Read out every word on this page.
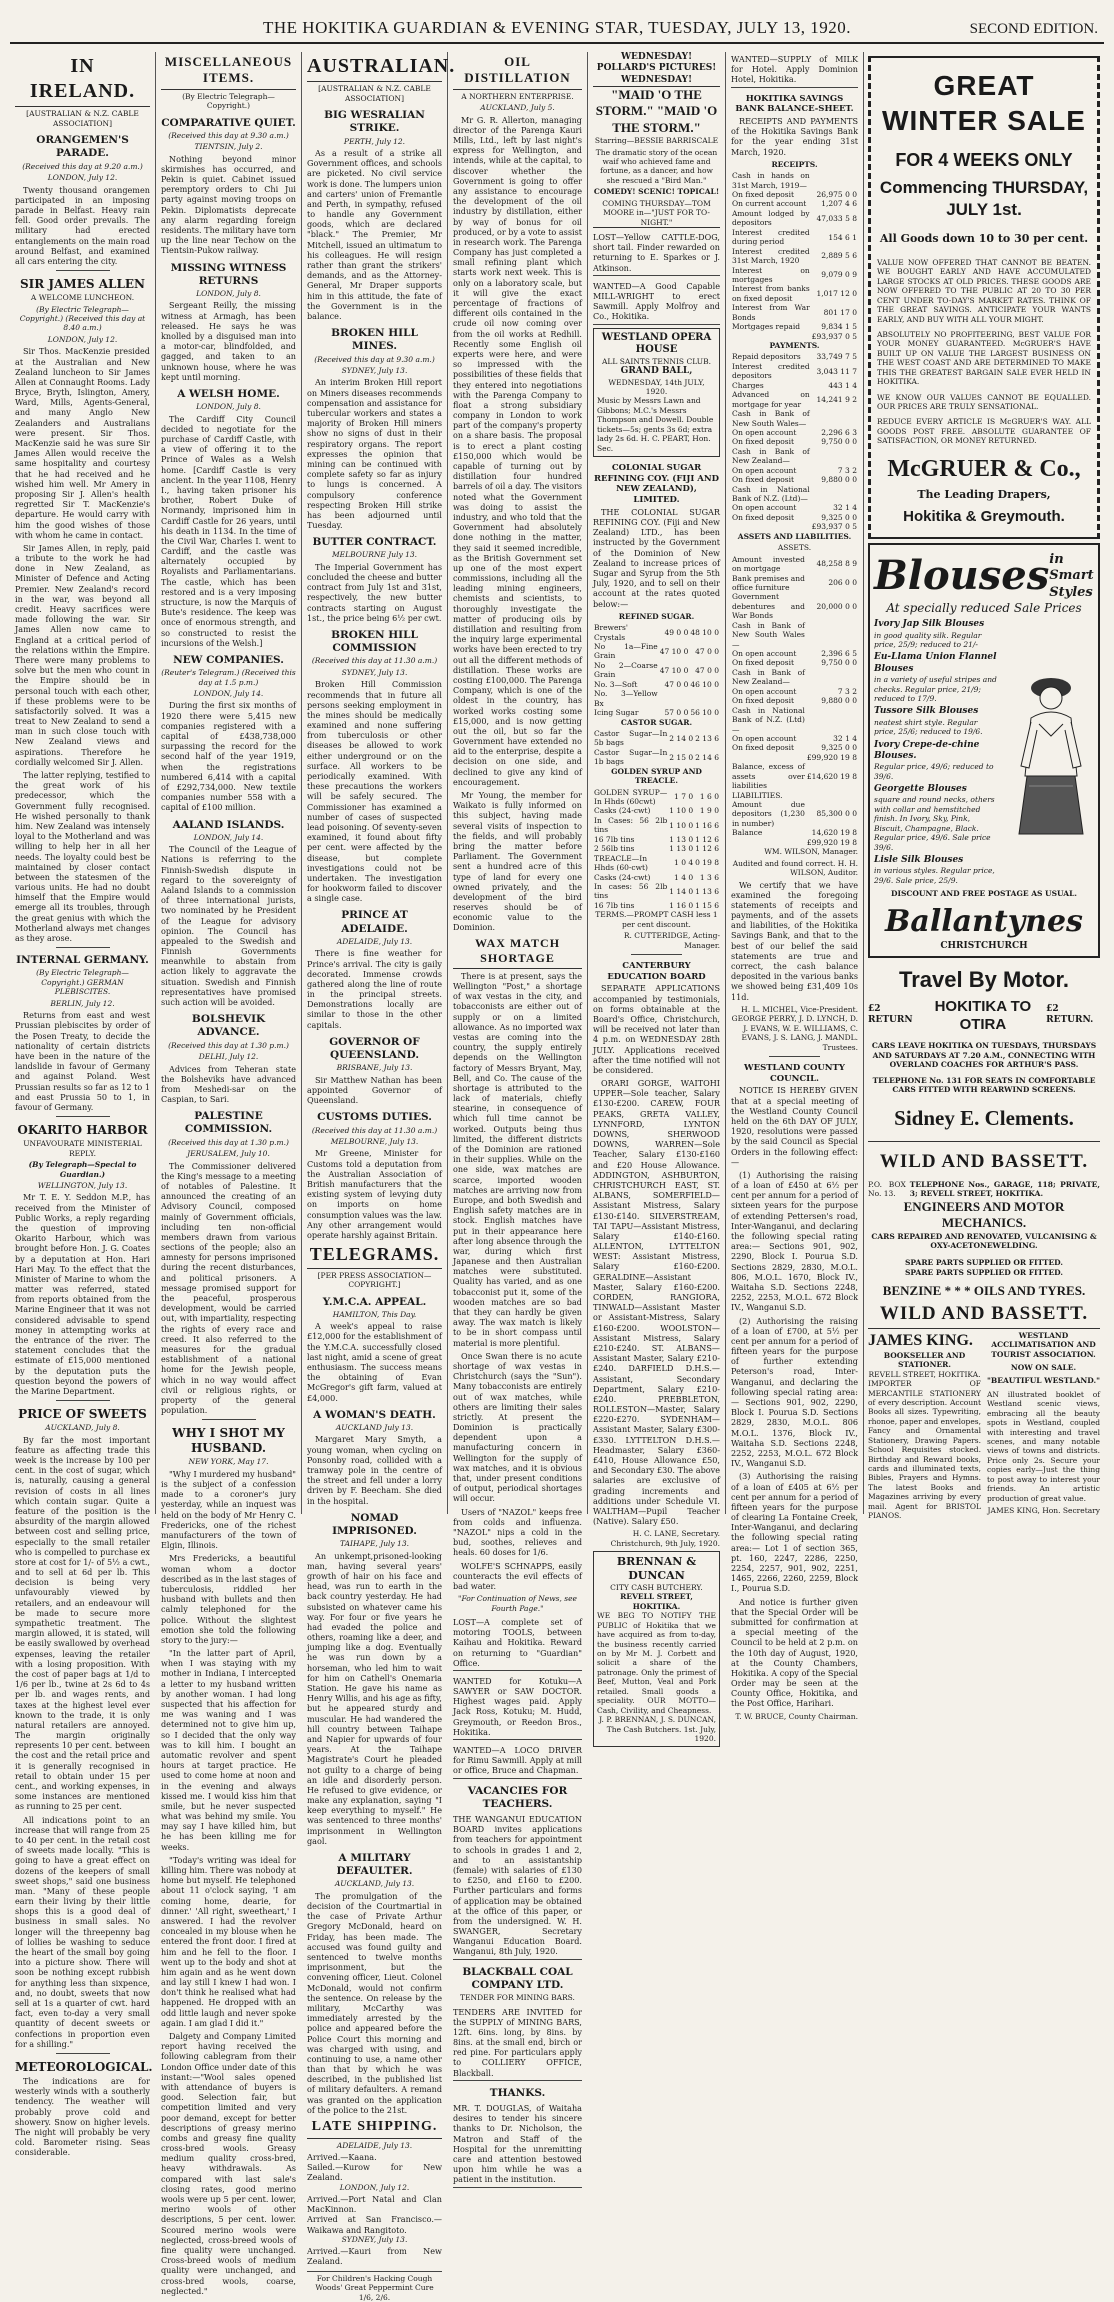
THE HOKITIKA GUARDIAN & EVENING STAR, TUESDAY, JULY 13, 1920.	SECOND EDITION.
IN IRELAND.
[AUSTRALIAN & N.Z. CABLE ASSOCIATION]
ORANGEMEN'S PARADE.
(Received this day at 9.20 a.m.)
LONDON, July 12.

Twenty thousand orangemen participated in an imposing parade in Belfast. Heavy rain fell. Good order prevails. The military had erected entanglements on the main road around Belfast, and examined all cars entering the city.

SIR JAMES ALLEN
A WELCOME LUNCHEON.
(By Electric Telegraph—Copyright.) (Received this day at 8.40 a.m.)
LONDON, July 12.

Sir Thos. MacKenzie presided at the Australian and New Zealand luncheon to Sir James Allen at Connaught Rooms. Lady Bryce, Bryth, Islington, Amery, Ward, Mills, Agents-General, and many Anglo New Zealanders and Australians were present. Sir Thos. MacKenzie said he was sure Sir James Allen would receive the same hospitality and courtesy that he had received and he wished him well. Mr Amery in proposing Sir J. Allen's health regretted Sir T. MacKenzie's departure. He would carry with him the good wishes of those with whom he came in contact.

Sir James Allen, in reply, paid a tribute to the work he had done in New Zealand, as Minister of Defence and Acting Premier. New Zealand's record in the war, was beyond all credit. Heavy sacrifices were made following the war. Sir James Allen now came to England at a critical period of the relations within the Empire. There were many problems to solve but the men who count in the Empire should be in personal touch with each other, if these problems were to be satisfactorily solved. It was a treat to New Zealand to send a man in such close touch with New Zealand views and aspirations. Therefore he cordially welcomed Sir J. Allen.

The latter replying, testified to the great work of his predecessor, which the Government fully recognised. He wished personally to thank him. New Zealand was intensely loyal to the Motherland and was willing to help her in all her needs. The loyalty could best be maintained by closer contact between the statesmen of the various units. He had no doubt himself that the Empire would emerge all its troubles, through the great genius with which the Motherland always met changes as they arose.

INTERNAL GERMANY.
(By Electric Telegraph—Copyright.) GERMAN PLEBISCITES.
BERLIN, July 12.

Returns from east and west Prussian plebiscites by order of the Posen Treaty, to decide the nationality of certain districts have been in the nature of the landslide in favour of Germany and against Poland. West Prussian results so far as 12 to 1 and east Prussia 50 to 1, in favour of Germany.

OKARITO HARBOR
UNFAVOURATE MINISTERIAL REPLY.
(By Telegraph—Special to Guardian.)
WELLINGTON, July 13.

Mr T. E. Y. Seddon M.P., has received from the Minister of Public Works, a reply regarding the question of improving Okarito Harbour, which was brought before Hon. J. G. Coates by a deputation at Hon. Hari Hari May. To the effect that the Minister of Marine to whom the matter was referred, stated from reports obtained from the Marine Engineer that it was not considered advisable to spend money in attempting works at the entrance of the river. The statement concludes that the estimate of £15,000 mentioned by the deputation puts the question beyond the powers of the Marine Department.

PRICE OF SWEETS
AUCKLAND, July 8.

By far the most important feature as affecting trade this week is the increase by 100 per cent. in the cost of sugar, which is, naturally, causing a general revision of costs in all lines which contain sugar. Quite a feature of the position is the absurdity of the margin allowed between cost and selling price, especially to the small retailer who is compelled to purchase ex store at cost for 1/- of 5½ a cwt., and to sell at 6d per lb. This decision is being very unfavourably viewed by retailers, and an endeavour will be made to secure more sympathetic treatment. The margin allowed, it is stated, will be easily swallowed by overhead expenses, leaving the retailer with a losing proposition. With the cost of paper bags at 1/d to 1/6 per lb., twine at 2s 6d to 4s per lb. and wages rents, and taxes at the highest level ever known to the trade, it is only natural retailers are annoyed. The margin originally represents 10 per cent. between the cost and the retail price and it is generally recognised in retail to obtain under 15 per cent., and working expenses, in some instances are mentioned as running to 25 per cent.

All indications point to an increase that will range from 25 to 40 per cent. in the retail cost of sweets made locally. "This is going to have a great effect on dozens of the keepers of small sweet shops," said one business man. "Many of these people earn their living by their little shops this is a good deal of business in small sales. No longer will the threepenny bag of lollies be washing to seduce the heart of the small boy going into a picture show. There will soon be nothing except rubbish for anything less than sixpence, and, no doubt, sweets that now sell at 1s a quarter of cwt. hard fact, even to-day a very small quantity of decent sweets or confections in proportion even for a shilling."

METEOROLOGICAL.

The indications are for westerly winds with a southerly tendency. The weather will probably prove cold and showery. Snow on higher levels. The night will probably be very cold. Barometer rising. Seas considerable.

MISCELLANEOUS ITEMS.
(By Electric Telegraph—Copyright.)
COMPARATIVE QUIET.
(Received this day at 9.30 a.m.)
TIENTSIN, July 2.

Nothing beyond minor skirmishes has occurred, and Pekin is quiet. Cabinet issued peremptory orders to Chi Jui party against moving troops on Pekin. Diplomatists deprecate any alarm regarding foreign residents. The military have torn up the line near Techow on the Tientsin-Pukow railway.

MISSING WITNESS RETURNS
LONDON, July 8.

Sergeant Reilly, the missing witness at Armagh, has been released. He says he was knolled by a disguised man into a motor-car, blindfolded, and gagged, and taken to an unknown house, where he was kept until morning.

A WELSH HOME.
LONDON, July 8.

The Cardiff City Council decided to negotiate for the purchase of Cardiff Castle, with a view of offering it to the Prince of Wales as a Welsh home. [Cardiff Castle is very ancient. In the year 1108, Henry I., having taken prisoner his brother, Robert Duke of Normandy, imprisoned him in Cardiff Castle for 26 years, until his death in 1134. In the time of the Civil War, Charles I. went to Cardiff, and the castle was alternately occupied by Royalists and Parliamentarians. The castle, which has been restored and is a very imposing structure, is now the Marquis of Bute's residence. The keep was once of enormous strength, and so constructed to resist the incursions of the Welsh.]

NEW COMPANIES.
(Reuter's Telegram.) (Received this day at 1.5 p.m.)
LONDON, July 14.

During the first six months of 1920 there were 5,415 new companies registered with a capital of £438,738,000 surpassing the record for the second half of the year 1919, when the registrations numbered 6,414 with a capital of £292,734,000. New textile companies number 558 with a capital of £100 million.

AALAND ISLANDS.
LONDON, July 14.

The Council of the League of Nations is referring to the Finnish-Swedish dispute in regard to the sovereignty of Aaland Islands to a commission of three international jurists, two nominated by he President of the League for advisory opinion. The Council has appealed to the Swedish and Finnish Governments meanwhile to abstain from action likely to aggravate the situation. Swedish and Finnish representatives have promised such action will be avoided.

BOLSHEVIK ADVANCE.
(Received this day at 1.30 p.m.)
DELHI, July 12.

Advices from Teheran state the Bolsheviks have advanced from Meshedi-sar on the Caspian, to Sari.

PALESTINE COMMISSION.
(Received this day at 1.30 p.m.)
JERUSALEM, July 10.

The Commissioner delivered the King's message to a meeting of notables of Palestine. It announced the creating of an Advisory Council, composed mainly of Government officials, including ten non-official members drawn from various sections of the people; also an amnesty for persons imprisoned during the recent disturbances, and political prisoners. A message promised support for the peaceful, prosperous development, would be carried out, with impartiality, respecting the rights of every race and creed. It also referred to the measures for the gradual establishment of a national home for the Jewish people, which in no way would affect civil or religious rights, or property of the general population.

WHY I SHOT MY HUSBAND.
NEW YORK, May 17.

"Why I murdered my husband" is the subject of a confession made to a coroner's jury yesterday, while an inquest was held on the body of Mr Henry C. Fredericks, one of the richest manufacturers of the town of Elgin, Illinois.

Mrs Fredericks, a beautiful woman whom a doctor described as in the last stages of tuberculosis, riddled her husband with bullets and then calmly telephoned for the police. Without the slightest emotion she told the following story to the jury:—

"In the latter part of April, when I was staying with my mother in Indiana, I intercepted a letter to my husband written by another woman. I had long suspected that his affection for me was waning and I was determined not to give him up, so I decided that the only way was to kill him. I bought an automatic revolver and spent hours at target practice. He used to come home at noon and in the evening and always kissed me. I would kiss him that smile, but he never suspected what was behind my smile. You may say I have killed him, but he has been killing me for weeks.

"Today's writing was ideal for killing him. There was nobody at home but myself. He telephoned about 11 o'clock saying, 'I am coming home, dearie, for dinner.' 'All right, sweetheart,' I answered. I had the revolver concealed in my blouse when he entered the front door. I fired at him and he fell to the floor. I went up to the body and shot at him again and as he went down and lay still I knew I had won. I don't think he realised what had happened. He dropped with an odd little laugh and never spoke again. I am glad I did it."

Dalgety and Company Limited report having received the following cablegram from their London Office under date of this instant:—"Wool sales opened with attendance of buyers is good. Selection fair, but competition limited and very poor demand, except for better descriptions of greasy merino combs and greasy fine quality cross-bred wools. Greasy medium quality cross-bred, heavy withdrawals. As compared with last sale's closing rates, good merino wools were up 5 per cent. lower, merino wools of other descriptions, 5 per cent. lower. Scoured merino wools were neglected, cross-breed wools of fine quality were unchanged. Cross-breed wools of medium quality were unchanged, and cross-bred wools, coarse, neglected."

AUSTRALIAN.
[AUSTRALIAN & N.Z. CABLE ASSOCIATION]
BIG WESRALIAN STRIKE.
PERTH, July 12.

As a result of a strike all Government offices, and schools are picketed. No civil service work is done. The lumpers union and carters' union of Fremantle and Perth, in sympathy, refused to handle any Government goods, which are declared "black." The Premier, Mr Mitchell, issued an ultimatum to his colleagues. He will resign rather than grant the strikers' demands, and as the Attorney-General, Mr Draper supports him in this attitude, the fate of the Government is in the balance.

BROKEN HILL MINES.
(Received this day at 9.30 a.m.)
SYDNEY, July 13.

An interim Broken Hill report on Miners diseases recommends compensation and assistance for tubercular workers and states a majority of Broken Hill miners show no signs of dust in their respiratory organs. The report expresses the opinion that mining can be continued with complete safety so far as injury to lungs is concerned. A compulsory conference respecting Broken Hill strike has been adjourned until Tuesday.

BUTTER CONTRACT.
MELBOURNE July 13.

The Imperial Government has concluded the cheese and butter contract from July 1st and 31st, respectively, the new butter contracts starting on August 1st., the price being 6½ per cwt.

BROKEN HILL COMMISSION
(Received this day at 11.30 a.m.)
SYDNEY, July 13.

Broken Hill Commission recommends that in future all persons seeking employment in the mines should be medically examined and none suffering from tuberculosis or other diseases be allowed to work either underground or on the surface. All workers to be periodically examined. With these precautions the workers will be safely secured. The Commissioner has examined a number of cases of suspected lead poisoning. Of seventy-seven examined, it found about fifty per cent. were affected by the disease, but complete investigations could not be undertaken. The investigation for hookworm failed to discover a single case.

PRINCE AT ADELAIDE.
ADELAIDE, July 13.

There is fine weather for Prince's arrival. The city is gaily decorated. Immense crowds gathered along the line of route in the principal streets. Demonstrations locally are similar to those in the other capitals.

GOVERNOR OF QUEENSLAND.
BRISBANE, July 13.

Sir Matthew Nathan has been appointed Governor of Queensland.

CUSTOMS DUTIES.
(Received this day at 11.30 a.m.)
MELBOURNE, July 13.

Mr Greene, Minister for Customs told a deputation from the Australian Association of British manufacturers that the existing system of levying duty on imports on home consumption values was the law. Any other arrangement would operate harshly against Britain.

TELEGRAMS.
[PER PRESS ASSOCIATION—COPYRIGHT.]
Y.M.C.A. APPEAL.
HAMILTON, This Day.

A week's appeal to raise £12,000 for the establishment of the Y.M.C.A. successfully closed last night, amid a scene of great enthusiasm. The success means the obtaining of Evan McGregor's gift farm, valued at £4,000.

A WOMAN'S DEATH.
AUCKLAND July 13.

Margaret Mary Smyth, a young woman, when cycling on Ponsonby road, collided with a tramway pole in the centre of the street and fell under a lorry driven by F. Beecham. She died in the hospital.

NOMAD IMPRISONED.
TAIHAPE, July 13.

An unkempt,prisoned-looking man, having several years' growth of hair on his face and head, was run to earth in the back country yesterday. He had subsisted on whatever came his way. For four or five years he had evaded the police and others, roaming like a deer, and jumping like a dog. Eventually he was run down by a horseman, who led him to wait for him on Cathell's Onemaria Station. He gave his name as Henry Willis, and his age as fifty, but he appeared sturdy and muscular. He had wandered the hill country between Taihape and Napier for upwards of four years. At the Taihape Magistrate's Court he pleaded not guilty to a charge of being an idle and disorderly person. He refused to give evidence, or make any explanation, saying "I keep everything to myself." He was sentenced to three months' imprisonment in Wellington gaol.

A MILITARY DEFAULTER.
AUCKLAND, July 13.

The promulgation of the decision of the Courtmartial in the case of Private Arthur Gregory McDonald, heard on Friday, has been made. The accused was found guilty and sentenced to twelve months imprisonment, but the convening officer, Lieut. Colonel McDonald, would not confirm the sentence. On release by the military, McCarthy was immediately arrested by the police and appeared before the Police Court this morning and was charged with using, and continuing to use, a name other than that by which he was described, in the published list of military defaulters. A remand was granted on the application of the police to the 21st.

LATE SHIPPING.
ADELAIDE, July 13.
Arrived.—Kaana.
Sailed.—Kurow for New Zealand.
LONDON, July 12.
Arrived.—Port Natal and Clan MacKinnon.
Arrived at San Francisco.—Waikawa and Rangitoto.
SYDNEY, July 13.
Arrived.—Kauri from New Zealand.
For Children's Hacking Cough Woods' Great Peppermint Cure 1/6, 2/6.
OIL DISTILLATION
A NORTHERN ENTERPRISE.
AUCKLAND, July 5.

Mr G. R. Allerton, managing director of the Parenga Kauri Mills, Ltd., left by last night's express for Wellington, and intends, while at the capital, to discover whether the Government is going to offer any assistance to encourage the development of the oil industry by distillation, either by way of bonus for oil produced, or by a vote to assist in research work. The Parenga Company has just completed a small refining plant which starts work next week. This is only on a laboratory scale, but it will give the exact percentage of fractions of different oils contained in the crude oil now coming over from the oil works at Redhill. Recently some English oil experts were here, and were so impressed with the possibilities of these fields that they entered into negotiations with the Parenga Company to float a strong subsidiary company in London to work part of the company's property on a share basis. The proposal is to erect a plant costing £150,000 which would be capable of turning out by distillation four hundred barrels of oil a day. The visitors noted what the Government was doing to assist the industry, and who told that the Government had absolutely done nothing in the matter, they said it seemed incredible, as the British Government set up one of the most expert commissions, including all the leading mining engineers, chemists and scientists, to thoroughly investigate the matter of producing oils by distillation and resulting from the inquiry large experimental works have been erected to try out all the different methods of distillation. These works are costing £100,000. The Parenga Company, which is one of the oldest in the country, has worked works costing some £15,000, and is now getting out the oil, but so far the Government have extended no aid to the enterprise, despite a decision on one side, and declined to give any kind of encouragement.

Mr Young, the member for Waikato is fully informed on this subject, having made several visits of inspection to the fields, and will probably bring the matter before Parliament. The Government sent a hundred acre of this type of land for every one owned privately, and the development of the bird reserves should be of economic value to the Dominion.

WAX MATCH SHORTAGE

There is at present, says the Wellington "Post," a shortage of wax vestas in the city, and tobacconists are either out of supply or on a limited allowance. As no imported wax vestas are coming into the country, the supply entirely depends on the Wellington factory of Messrs Bryant, May, Bell, and Co. The cause of the shortage is attributed to the lack of materials, chiefly stearine, in consequence of which full time cannot be worked. Outputs being thus limited, the different districts of the Dominion are rationed in their supplies. While on the one side, wax matches are scarce, imported wooden matches are arriving now from Europe, and both Swedish and English safety matches are in stock. English matches have put in their appearance here after long absence through the war, during which first Japanese and then Australian matches were substituted. Quality has varied, and as one tobacconist put it, some of the wooden matches are so bad that they can hardly be given away. The wax match is likely to be in short compass until material is more plentiful.

Once Swan there is no acute shortage of wax vestas in Christchurch (says the "Sun"). Many tobacconists are entirely out of wax matches, while others are limiting their sales strictly. At present the Dominion is practically dependent upon a manufacturing concern in Wellington for the supply of wax matches, and it is obvious that, under present conditions of output, periodical shortages will occur.

Users of "NAZOL" keeps free from colds and influenza. "NAZOL" nips a cold in the bud, soothes, relieves and heals. 60 doses for 1/6.

WOLFE'S SCHNAPPS, easily counteracts the evil effects of bad water.

"For Continuation of News, see Fourth Page."
LOST—A complete set of motoring TOOLS, between Kaihau and Hokitika. Reward on returning to "Guardian" Office.
WANTED for Kotuku—A SAWYER or SAW DOCTOR. Highest wages paid. Apply Jack Ross, Kotuku; M. Hudd, Greymouth, or Reedon Bros., Hokitika.
WANTED—A LOCO DRIVER for Rimu Sawmill. Apply at mill or office, Bruce and Chapman.
VACANCIES FOR TEACHERS.
THE WANGANUI EDUCATION BOARD invites applications from teachers for appointment to schools in grades 1 and 2, and to an assistantship (female) with salaries of £130 to £250, and £160 to £200. Further particulars and forms of application may be obtained at the office of this paper, or from the undersigned. W. H. SWANGER, Secretary Wanganui Education Board. Wanganui, 8th July, 1920.
BLACKBALL COAL COMPANY LTD.
TENDER FOR MINING BARS.
TENDERS ARE INVITED for the SUPPLY of MINING BARS, 12ft. 6ins. long, by 8ins. by 8ins. at the small end, birch or red pine. For particulars apply to COLLIERY OFFICE, Blackball.
THANKS.
MR. T. DOUGLAS, of Waitaha desires to tender his sincere thanks to Dr. Nicholson, the Matron and Staff of the Hospital for the unremitting care and attention bestowed upon him while he was a patient in the institution.
WEDNESDAY! POLLARD'S PICTURES! WEDNESDAY!
"MAID 'O THE STORM." "MAID 'O THE STORM."
Starring—BESSIE BARRISCALE
The dramatic story of the ocean waif who achieved fame and fortune, as a dancer, and how she rescued a "Bird Man."
COMEDY! SCENIC! TOPICAL!
COMING THURSDAY—TOM MOORE in—"JUST FOR TO-NIGHT."
LOST—Yellow CATTLE-DOG, short tail. Finder rewarded on returning to E. Sparkes or J. Atkinson.
WANTED—A Good Capable MILL-WRIGHT to erect Sawmill. Apply Molfroy and Co., Hokitika.
WESTLAND OPERA HOUSE
ALL SAINTS TENNIS CLUB.
GRAND BALL,
WEDNESDAY, 14th JULY, 1920.
Music by Messrs Lawn and Gibbons; M.C.'s Messrs Thompson and Dowell. Double tickets—5s; gents 3s 6d; extra lady 2s 6d. H. C. PEART, Hon. Sec.
COLONIAL SUGAR REFINING COY. (FIJI AND NEW ZEALAND), LIMITED.

THE COLONIAL SUGAR REFINING COY. (Fiji and New Zealand) LTD., has been instructed by the Government of the Dominion of New Zealand to increase prices of Sugar and Syrup from the 5th July, 1920, and to sell on their account at the rates quoted below:—

REFINED SUGAR.
Brewers' Crystals	49 0 0	48 10 0
No 1a—Fine Grain	47 10 0	47 0 0
No 2—Coarse Grain	47 10 0	47 0 0
No. 3—Soft	47 0 0	46 10 0
No. 3—Yellow Bx		
Icing Sugar	57 0 0	56 10 0
CASTOR SUGAR.
Castor Sugar—In 5b bags	2 14 0	2 13 6
Castor Sugar—In 1b bags	2 15 0	2 14 6
GOLDEN SYRUP AND TREACLE.
GOLDEN SYRUP—In Hhds (60cwt)	1 7 0	1 6 0
Casks (24-cwt)	1 10 0	1 9 0
In Cases: 56 2lb tins	1 10 0	1 16 6
16 7lb tins	1 13 0	1 12 6
2 56lb tins	1 13 0	1 12 6
TREACLE—In Hhds (60-cwt)	1 0 4	0 19 8
Casks (24-cwt)	1 4 0	1 3 6
In cases: 56 2lb tins	1 14 0	1 13 6
16 7lb tins	1 16 0	1 15 6
TERMS.—PROMPT CASH less 1 per cent discount.
R. CUTTERIDGE, Acting-Manager.
CANTERBURY EDUCATION BOARD

SEPARATE APPLICATIONS accompanied by testimonials, on forms obtainable at the Board's Office, Christchurch, will be received not later than 4 p.m. on WEDNESDAY 28th JULY. Applications received after the time notified will not be considered.

ORARI GORGE, WAITOHI UPPER—Sole teacher, Salary £130-£200. CAREW, FOUR PEAKS, GRETA VALLEY, LYNNFORD, LYNTON DOWNS, SHERWOOD DOWNS, WARREN—Sole Teacher, Salary £130-£160 and £20 House Allowance. ADDINGTON, ASHBURTON, CHRISTCHURCH EAST, ST. ALBANS, SOMERFIELD—Assistant Mistress, Salary £130-£140. SILVERSTREAM, TAI TAPU—Assistant Mistress, Salary £140-£160. ALLENTON, LYTTELTON WEST: Assistant Mistress, Salary £160-£200. GERALDINE—Assistant Master, Salary £160-£200. CORDEN, RANGIORA, TINWALD—Assistant Master or Assistant-Mistress, Salary £160-£200. WOOLSTON—Assistant Mistress, Salary £210-£240. ST. ALBANS—Assistant Master, Salary £210-£240. DARFIELD D.H.S.—Assistant, Secondary Department, Salary £210-£240. PREBBLETON, ROLLESTON—Master, Salary £220-£270. SYDENHAM—Assistant Master, Salary £300-£330. LYTTELTON D.H.S.—Headmaster, Salary £360-£410, House Allowance £50, and Secondary £30. The above salaries are exclusive of grading increments and additions under Schedule VI. WALTHAM—Pupil Teacher (Native). Salary £50.

H. C. LANE, Secretary. Christchurch, 9th July, 1920.
BRENNAN & DUNCAN
CITY CASH BUTCHERY.
REVELL STREET, HOKITIKA.
WE BEG TO NOTIFY THE PUBLIC of Hokitika that we have acquired as from to-day, the business recently carried on by Mr M. J. Corbett and solicit a share of the patronage. Only the primest of Beef, Mutton, Veal and Pork retailed. Small goods a speciality. OUR MOTTO—Cash, Civility, and Cheapness.
J. P. BRENNAN, J. S. DUNCAN, The Cash Butchers. 1st. July, 1920.
WANTED—SUPPLY of MILK for Hotel. Apply Dominion Hotel, Hokitika.
HOKITIKA SAVINGS BANK BALANCE-SHEET.

RECEIPTS AND PAYMENTS of the Hokitika Savings Bank for the year ending 31st March, 1920.

RECEIPTS.
Cash in hands on 31st March, 1919—	
On fixed deposit	26,975 0 0
On current account	1,207 4 6
Amount lodged by depositors	47,033 5 8
Interest credited during period	154 6 1
Interest credited 31st March, 1920	2,889 5 6
Interest on mortgages	9,079 0 9
Interest from banks on fixed deposit	1,017 12 0
Interest from War Bonds	801 17 0
Mortgages repaid	9,834 1 5
	£93,937 0 5
PAYMENTS.
Repaid depositors	33,749 7 5
Interest credited depositors	3,043 11 7
Charges	443 1 4
Advanced on mortgage for year	14,241 9 2
Cash in Bank of New South Wales—	
On open account	2,296 6 3
On fixed deposit	9,750 0 0
Cash in Bank of New Zealand—	
On open account	7 3 2
On fixed deposit	9,880 0 0
Cash in National Bank of N.Z. (Ltd)—	
On open account	32 1 4
On fixed deposit	9,325 0 0
	£93,937 0 5
ASSETS AND LIABILITIES.
ASSETS.
Amount invested on mortgage	48,258 8 9
Bank premises and office furniture	206 0 0
Government debentures and War Bonds	20,000 0 0
Cash in Bank of New South Wales—	
On open account	2,396 6 5
On fixed deposit	9,750 0 0
Cash in Bank of New Zealand—	
On open account	7 3 2
On fixed deposit	9,880 0 0
Cash in National Bank of N.Z. (Ltd)—	
On open account	32 1 4
On fixed deposit	9,325 0 0
	£99,920 19 8
Balance, excess of assets over liabilities	£14,620 19 8
LIABILITIES.	
Amount due depositors (1,230 in number)	85,300 0 0
Balance	14,620 19 8
	£99,920 19 8
WM. WILSON, Manager.
Audited and found correct. H. H. WILSON, Auditor.

We certify that we have examined the foregoing statements of receipts and payments, and of the assets and liabilities, of the Hokitika Savings Bank, and that to the best of our belief the said statements are true and correct, the cash balance deposited in the various banks we showed being £31,409 10s 11d.

H. L. MICHEL, Vice-President. GEORGE PERRY, J. D. LYNCH, D. J. EVANS, W. E. WILLIAMS, C. EVANS, J. S. LANG, J. MANDL. Trustees.
WESTLAND COUNTY COUNCIL.

NOTICE IS HEREBY GIVEN that at a special meeting of the Westland County Council held on the 6th DAY OF JULY, 1920, resolutions were passed by the said Council as Special Orders in the following effect:—

(1) Authorising the raising of a loan of £450 at 6½ per cent per annum for a period of sixteen years for the purpose of extending Pettersen's road, Inter-Wanganui, and declaring the following special rating area:— Sections 901, 902, 2290, Block I. Pourua S.D. Sections 2829, 2830, M.O.L. 806, M.O.L. 1670, Block IV., Waitaha S.D. Sections 2248, 2252, 2253, M.O.L. 672 Block IV., Wanganui S.D.

(2) Authorising the raising of a loan of £700, at 5½ per cent per annum for a period of fifteen years for the purpose of further extending Peterson's road, Inter-Wanganui, and declaring the following special rating area:— Sections 901, 902, 2290, Block I. Pourua S.D. Sections 2829, 2830, M.O.L. 806 M.O.L. 1376, Block IV., Waitaha S.D. Sections 2248, 2252, 2253, M.O.L. 672 Block IV., Wanganui S.D.

(3) Authorising the raising of a loan of £405 at 6½ per cent per annum for a period of fifteen years for the purpose of clearing La Fontaine Creek, Inter-Wanganui, and declaring the following special rating area:— Lot 1 of section 365, pt. 160, 2247, 2286, 2250, 2254, 2257, 901, 902, 2251, 1465, 2266, 2260, 2259, Block I., Pourua S.D.

And notice is further given that the Special Order will be submitted for confirmation at a special meeting of the Council to be held at 2 p.m. on the 10th day of August, 1920, at the County Chambers, Hokitika. A copy of the Special Order may be seen at the County Office, Hokitika, and the Post Office, Harihari.

T. W. BRUCE, County Chairman.
GREAT WINTER SALE
FOR 4 WEEKS ONLY
Commencing THURSDAY,
JULY 1st.
All Goods down 10 to 30 per cent.

VALUE NOW OFFERED THAT CANNOT BE BEATEN. WE BOUGHT EARLY AND HAVE ACCUMULATED LARGE STOCKS AT OLD PRICES. THESE GOODS ARE NOW OFFERED TO THE PUBLIC AT 20 TO 30 PER CENT UNDER TO-DAY'S MARKET RATES. THINK OF THE GREAT SAVINGS. ANTICIPATE YOUR WANTS EARLY, AND BUY WITH ALL YOUR MIGHT.

ABSOLUTELY NO PROFITEERING, BEST VALUE FOR YOUR MONEY GUARANTEED. McGRUER'S HAVE BUILT UP ON VALUE THE LARGEST BUSINESS ON THE WEST COAST AND ARE DETERMINED TO MAKE THIS THE GREATEST BARGAIN SALE EVER HELD IN HOKITIKA.

WE KNOW OUR VALUES CANNOT BE EQUALLED. OUR PRICES ARE TRULY SENSATIONAL.

REDUCE EVERY ARTICLE IS McGRUER'S WAY. ALL GOODS POST FREE. ABSOLUTE GUARANTEE OF SATISFACTION, OR MONEY RETURNED.

McGRUER & Co.,
The Leading Drapers,
Hokitika & Greymouth.
Blouses in Smart Styles
At specially reduced Sale Prices
Ivory Jap Silk Blouses
in good quality silk. Regular price, 25/9; reduced to 21/-
Eu-Llama Union Flannel Blouses
in a variety of useful stripes and checks. Regular price, 21/9; reduced to 17/9.
Tussore Silk Blouses
neatest shirt style. Regular price, 25/6; reduced to 19/6.
Ivory Crepe-de-chine Blouses.
Regular price, 49/6; reduced to 39/6.
Georgette Blouses
square and round necks, others with collar and hemstitched finish. In Ivory, Sky, Pink, Biscuit, Champagne, Black. Regular price, 49/6. Sale price 39/6.
Lisle Silk Blouses
in various styles. Regular price, 29/6. Sale price, 25/9.
DISCOUNT AND FREE POSTAGE AS USUAL.
Ballantynes
CHRISTCHURCH
Travel By Motor.
£2 RETURN
HOKITIKA TO OTIRA
£2 RETURN.
CARS LEAVE HOKITIKA ON TUESDAYS, THURSDAYS AND SATURDAYS AT 7.20 A.M., CONNECTING WITH OVERLAND COACHES FOR ARTHUR'S PASS.
TELEPHONE No. 131 FOR SEATS IN COMFORTABLE CARS FITTED WITH REARWIND SCREENS.
Sidney E. Clements.
WILD AND BASSETT.
P.O. BOX No. 13.
TELEPHONE Nos., GARAGE, 118; PRIVATE, 3; REVELL STREET, HOKITIKA.
ENGINEERS AND MOTOR MECHANICS.
CARS REPAIRED AND RENOVATED, VULCANISING & OXY-ACETONEWELDING.
SPARE PARTS SUPPLIED OR FITTED.
SPARE PARTS SUPPLIED OR FITTED.
BENZINE * * * OILS AND TYRES.
WILD AND BASSETT.
JAMES KING.
BOOKSELLER AND STATIONER.
REVELL STREET, HOKITIKA.

IMPORTER OF MERCANTILE STATIONERY of every description. Account Books all sizes. Typewriting, rhonoe, paper and envelopes, Fancy and Ornamental Stationery, Drawing Papers. School Requisites stocked. Birthday and Reward books, cards and illuminated texts, Bibles, Prayers and Hymns. The latest Books and Magazines arriving by every mail. Agent for BRISTOL PIANOS.

WESTLAND ACCLIMATISATION AND TOURIST ASSOCIATION.
NOW ON SALE.
"BEAUTIFUL WESTLAND."

AN illustrated booklet of Westland scenic views, embracing all the beauty spots in Westland, coupled with interesting and travel scenes, and many notable views of towns and districts. Price only 2s. Secure your copies early—Just the thing to post away to interest your friends. An artistic production of great value.

JAMES KING, Hon. Secretary
